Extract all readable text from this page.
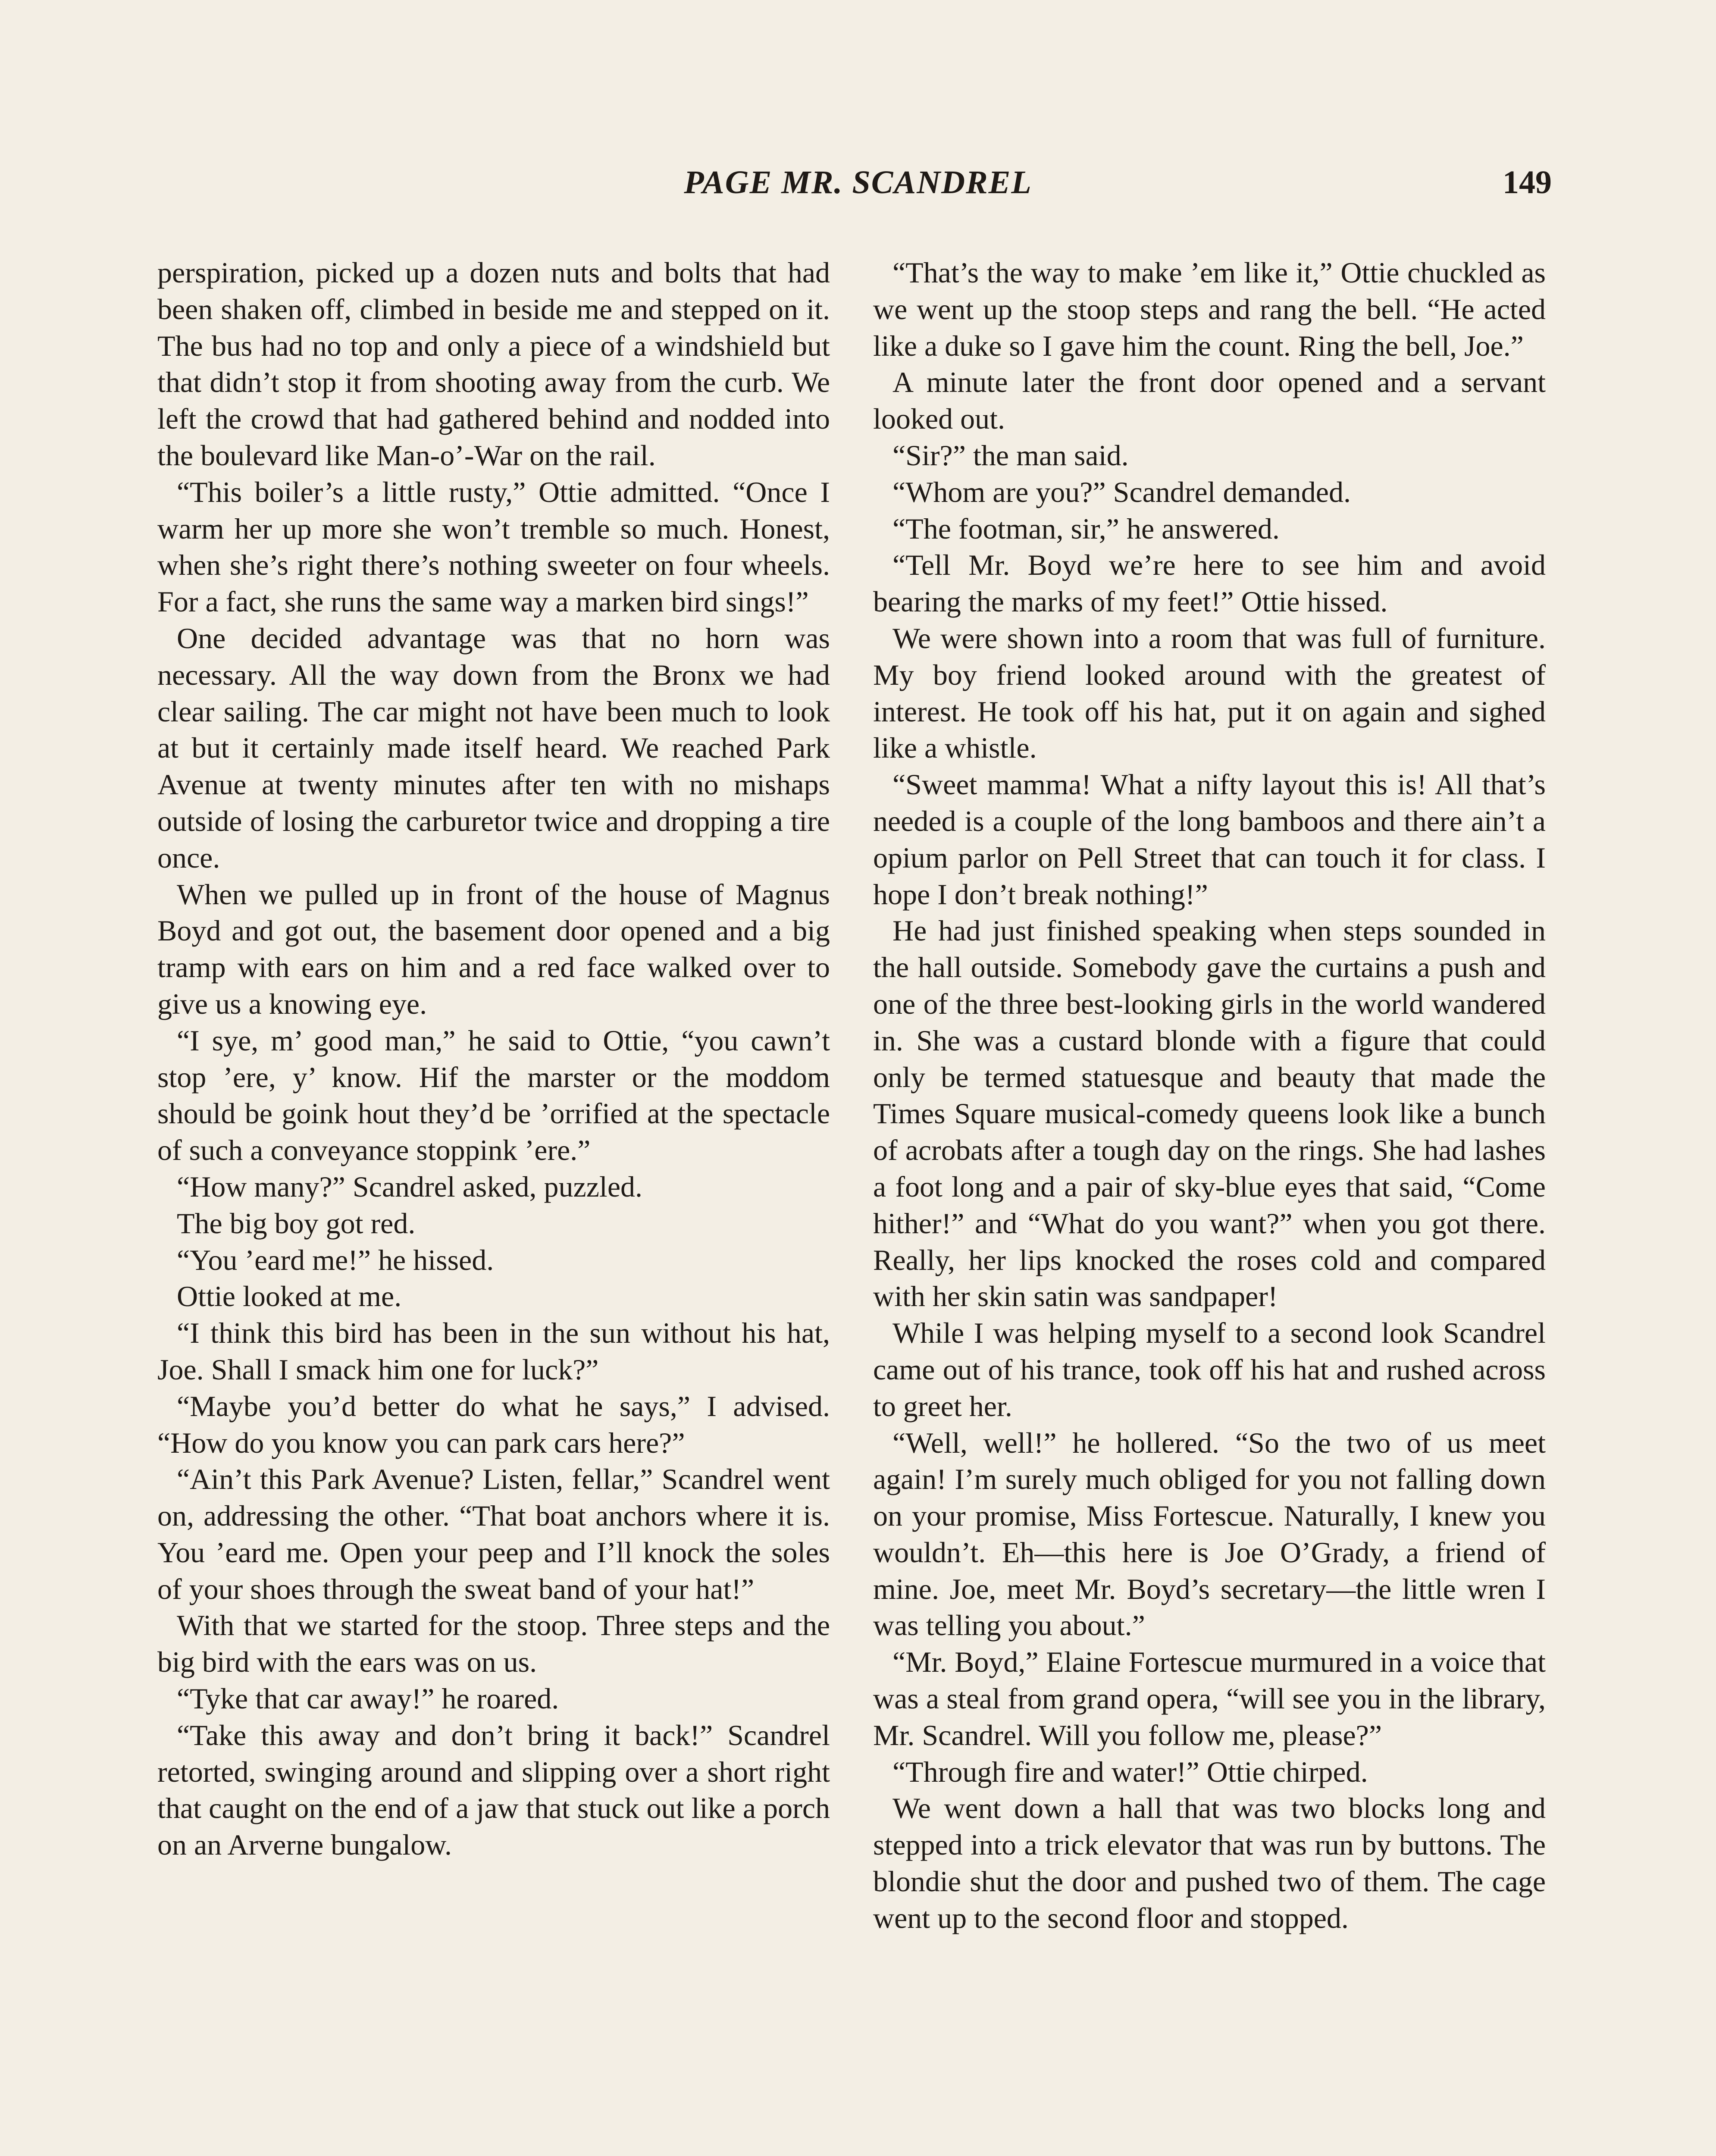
PAGE MR. SCANDREL	149

perspiration, picked up a dozen nuts and bolts that had been shaken off, climbed in beside me and stepped on it. The bus had no top and only a piece of a windshield but that didn’t stop it from shooting away from the curb. We left the crowd that had gathered behind and nodded into the boulevard like Man-o’-War on the rail.

“This boiler’s a little rusty,” Ottie admitted. “Once I warm her up more she won’t tremble so much. Honest, when she’s right there’s nothing sweeter on four wheels. For a fact, she runs the same way a marken bird sings!”

One decided advantage was that no horn was necessary. All the way down from the Bronx we had clear sailing. The car might not have been much to look at but it certainly made itself heard. We reached Park Avenue at twenty minutes after ten with no mishaps outside of losing the carburetor twice and dropping a tire once.

When we pulled up in front of the house of Magnus Boyd and got out, the basement door opened and a big tramp with ears on him and a red face walked over to give us a knowing eye.

“I sye, m’ good man,” he said to Ottie, “you cawn’t stop ’ere, y’ know. Hif the marster or the moddom should be goink hout they’d be ’orrified at the spectacle of such a conveyance stoppink ’ere.”

“How many?” Scandrel asked, puzzled.

The big boy got red.

“You ’eard me!” he hissed.

Ottie looked at me.

“I think this bird has been in the sun without his hat, Joe. Shall I smack him one for luck?”

“Maybe you’d better do what he says,” I advised. “How do you know you can park cars here?”

“Ain’t this Park Avenue? Listen, fellar,” Scandrel went on, addressing the other. “That boat anchors where it is. You ’eard me. Open your peep and I’ll knock the soles of your shoes through the sweat band of your hat!”

With that we started for the stoop. Three steps and the big bird with the ears was on us.

“Tyke that car away!” he roared.

“Take this away and don’t bring it back!” Scandrel retorted, swinging around and slipping over a short right that caught on the end of a jaw that stuck out like a porch on an Arverne bungalow.

“That’s the way to make ’em like it,” Ottie chuckled as we went up the stoop steps and rang the bell. “He acted like a duke so I gave him the count. Ring the bell, Joe.”

A minute later the front door opened and a servant looked out.

“Sir?” the man said.

“Whom are you?” Scandrel demanded.

“The footman, sir,” he answered.

“Tell Mr. Boyd we’re here to see him and avoid bearing the marks of my feet!” Ottie hissed.

We were shown into a room that was full of furniture. My boy friend looked around with the greatest of interest. He took off his hat, put it on again and sighed like a whistle.

“Sweet mamma! What a nifty layout this is! All that’s needed is a couple of the long bamboos and there ain’t a opium parlor on Pell Street that can touch it for class. I hope I don’t break nothing!”

He had just finished speaking when steps sounded in the hall outside. Somebody gave the curtains a push and one of the three best-looking girls in the world wandered in. She was a custard blonde with a figure that could only be termed statuesque and beauty that made the Times Square musical-comedy queens look like a bunch of acrobats after a tough day on the rings. She had lashes a foot long and a pair of sky-blue eyes that said, “Come hither!” and “What do you want?” when you got there. Really, her lips knocked the roses cold and compared with her skin satin was sandpaper!

While I was helping myself to a second look Scandrel came out of his trance, took off his hat and rushed across to greet her.

“Well, well!” he hollered. “So the two of us meet again! I’m surely much obliged for you not falling down on your promise, Miss Fortescue. Naturally, I knew you wouldn’t. Eh—this here is Joe O’Grady, a friend of mine. Joe, meet Mr. Boyd’s secretary—the little wren I was telling you about.”

“Mr. Boyd,” Elaine Fortescue murmured in a voice that was a steal from grand opera, “will see you in the library, Mr. Scandrel. Will you follow me, please?”

“Through fire and water!” Ottie chirped.

We went down a hall that was two blocks long and stepped into a trick elevator that was run by buttons. The blondie shut the door and pushed two of them. The cage went up to the second floor and stopped.
